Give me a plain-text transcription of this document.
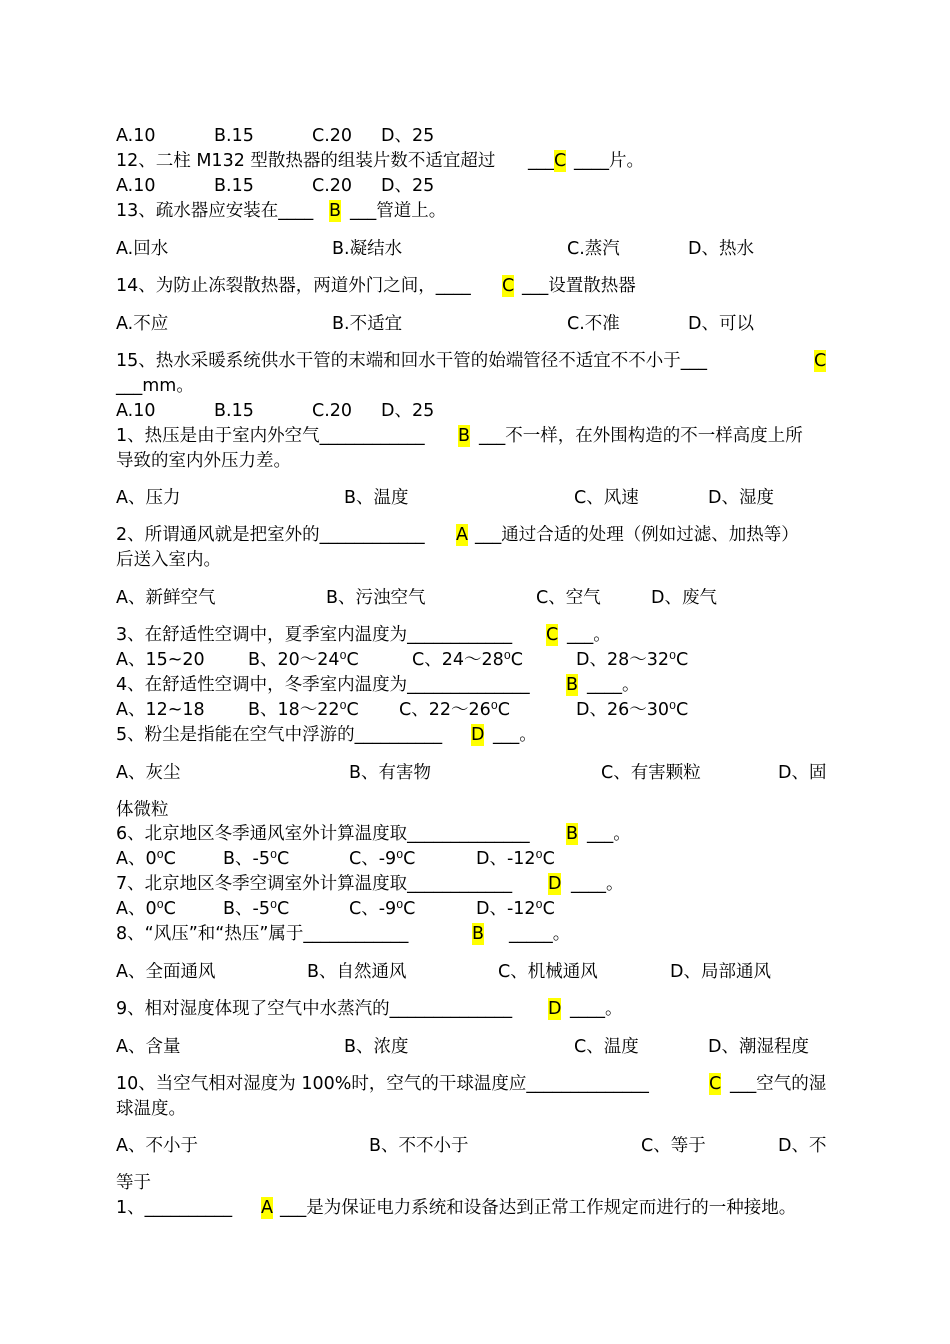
A.10	B.15	C.20 D、25
12、二柱 M132 型散热器的组装片数不适宜超过 ___ C ____片。
A.10	B.15	C.20 D、25
13、疏水器应安装在____ B ___管道上。
A.回水	B.凝结水	C.蒸汽	D、热水
14、为防止冻裂散热器，两道外门之间，____ C ___设置散热器
A.不应	B.不适宜	C.不准	D、可以
15、热水采暖系统供水干管的末端和回水干管的始端管径不适宜不不小于___	C
___mm。
A.10	B.15	C.20 D、25
1、热压是由于室内外空气____________ B ___不一样，在外围构造的不一样高度上所
导致的室内外压力差。
A、压力	B、温度	C、风速	D、湿度
2、所谓通风就是把室外的____________ A ___通过合适的处理（例如过滤、加热等）
后送入室内。
A、新鲜空气	B、污浊空气	C、空气	D、废气
3、在舒适性空调中，夏季室内温度为____________ C ___。
A、15~20 B、20～24⁰C	C、24～28⁰C	D、28～32⁰C
4、在舒适性空调中，冬季室内温度为______________ B ____。
A、12~18 B、18～22⁰C C、22～26⁰C	D、26～30⁰C
5、粉尘是指能在空气中浮游的__________ D ___。
A、灰尘	B、有害物	C、有害颗粒	D、固
体微粒
6、北京地区冬季通风室外计算温度取______________ B ___。
A、0⁰C	B、-5⁰C	C、-9⁰C	D、-12⁰C
7、北京地区冬季空调室外计算温度取____________ D ____。
A、0⁰C	B、-5⁰C	C、-9⁰C	D、-12⁰C
8、“风压”和“热压”属于____________	B _____。
A、全面通风	B、自然通风	C、机械通风	D、局部通风
9、相对湿度体现了空气中水蒸汽的______________ D ____。
A、含量	B、浓度	C、温度	D、潮湿程度
10、当空气相对湿度为 100%时，空气的干球温度应______________	C ___空气的湿
球温度。
A、不小于	B、不不小于	C、等于	D、不
等于
1、__________ A ___是为保证电力系统和设备达到正常工作规定而进行的一种接地。
